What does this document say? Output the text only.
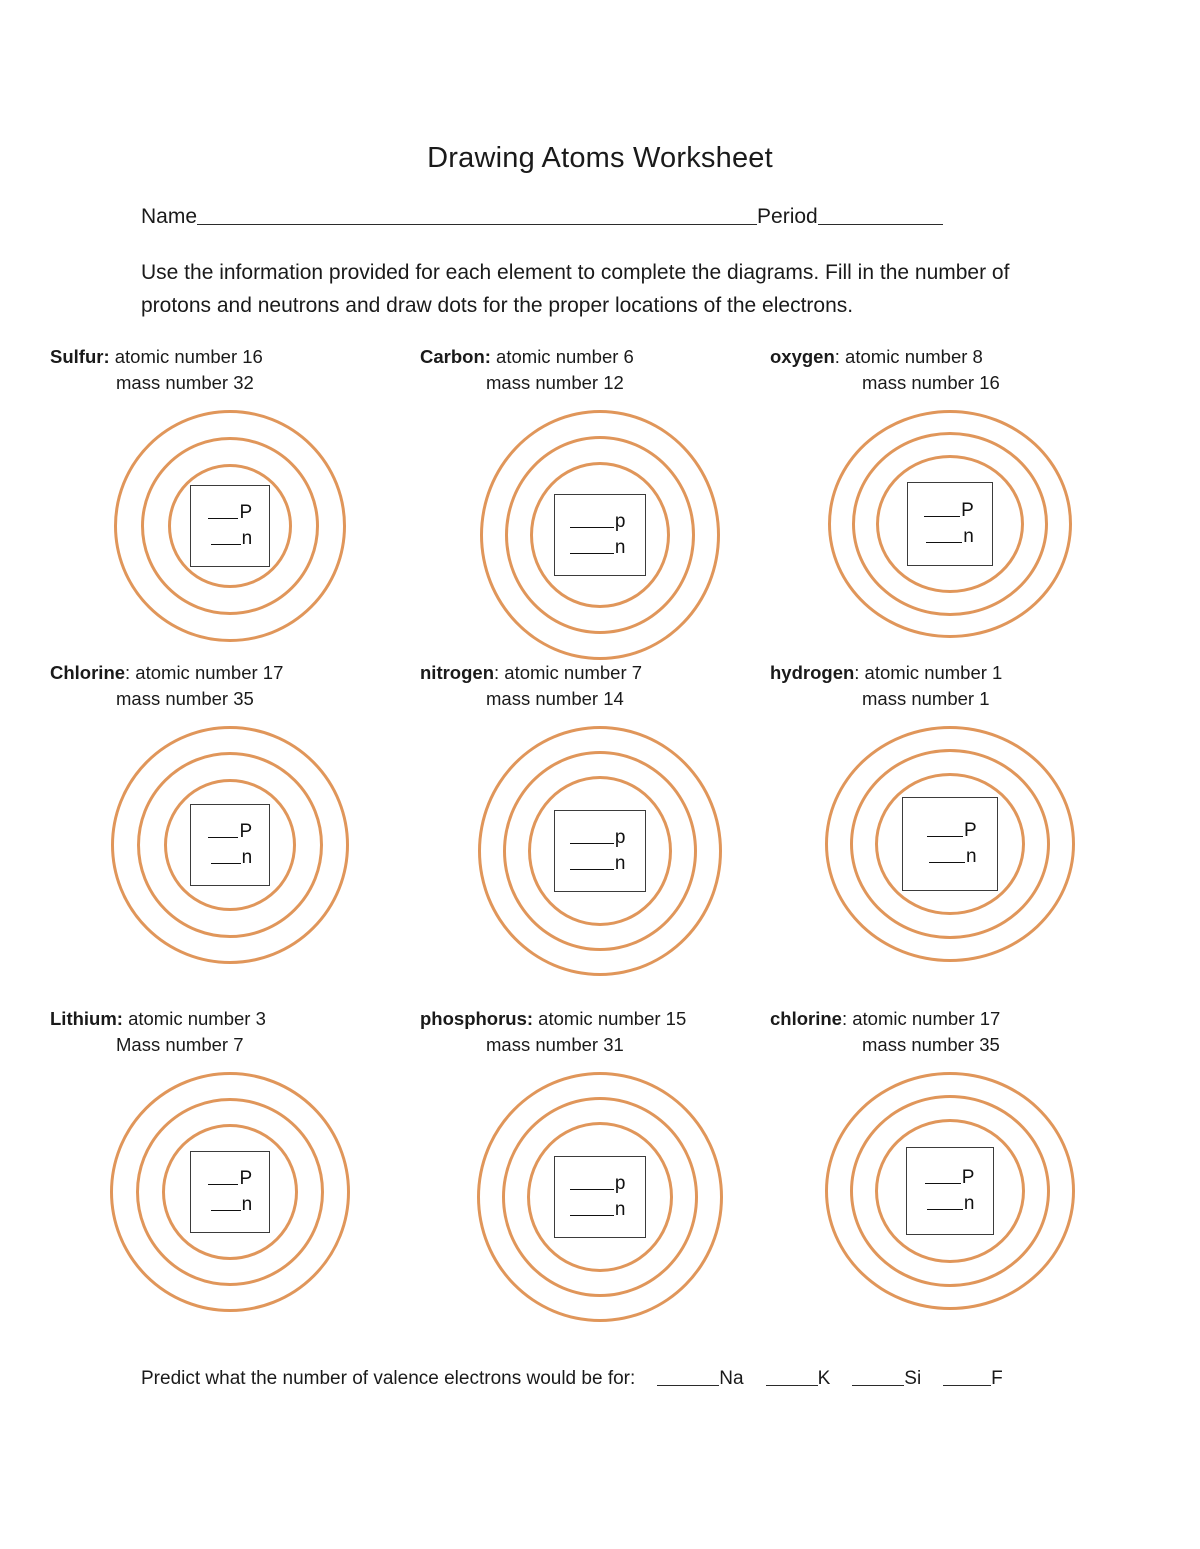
Drawing Atoms Worksheet
Name	Period
Use the information provided for each element to complete the diagrams. Fill in the number of protons and neutrons and draw dots for the proper locations of the electrons.
Sulfur: atomic number 16
mass number 32
P
n
Carbon: atomic number 6
mass number 12
p
n
oxygen: atomic number 8
mass number 16
P
n
Chlorine: atomic number 17
mass number 35
P
n
nitrogen: atomic number 7
mass number 14
p
n
hydrogen: atomic number 1
mass number 1
P
n
Lithium: atomic number 3
Mass number 7
P
n
phosphorus: atomic number 15
mass number 31
p
n
chlorine: atomic number 17
mass number 35
P
n
Predict what the number of valence electrons would be for:	Na	K	Si	F
